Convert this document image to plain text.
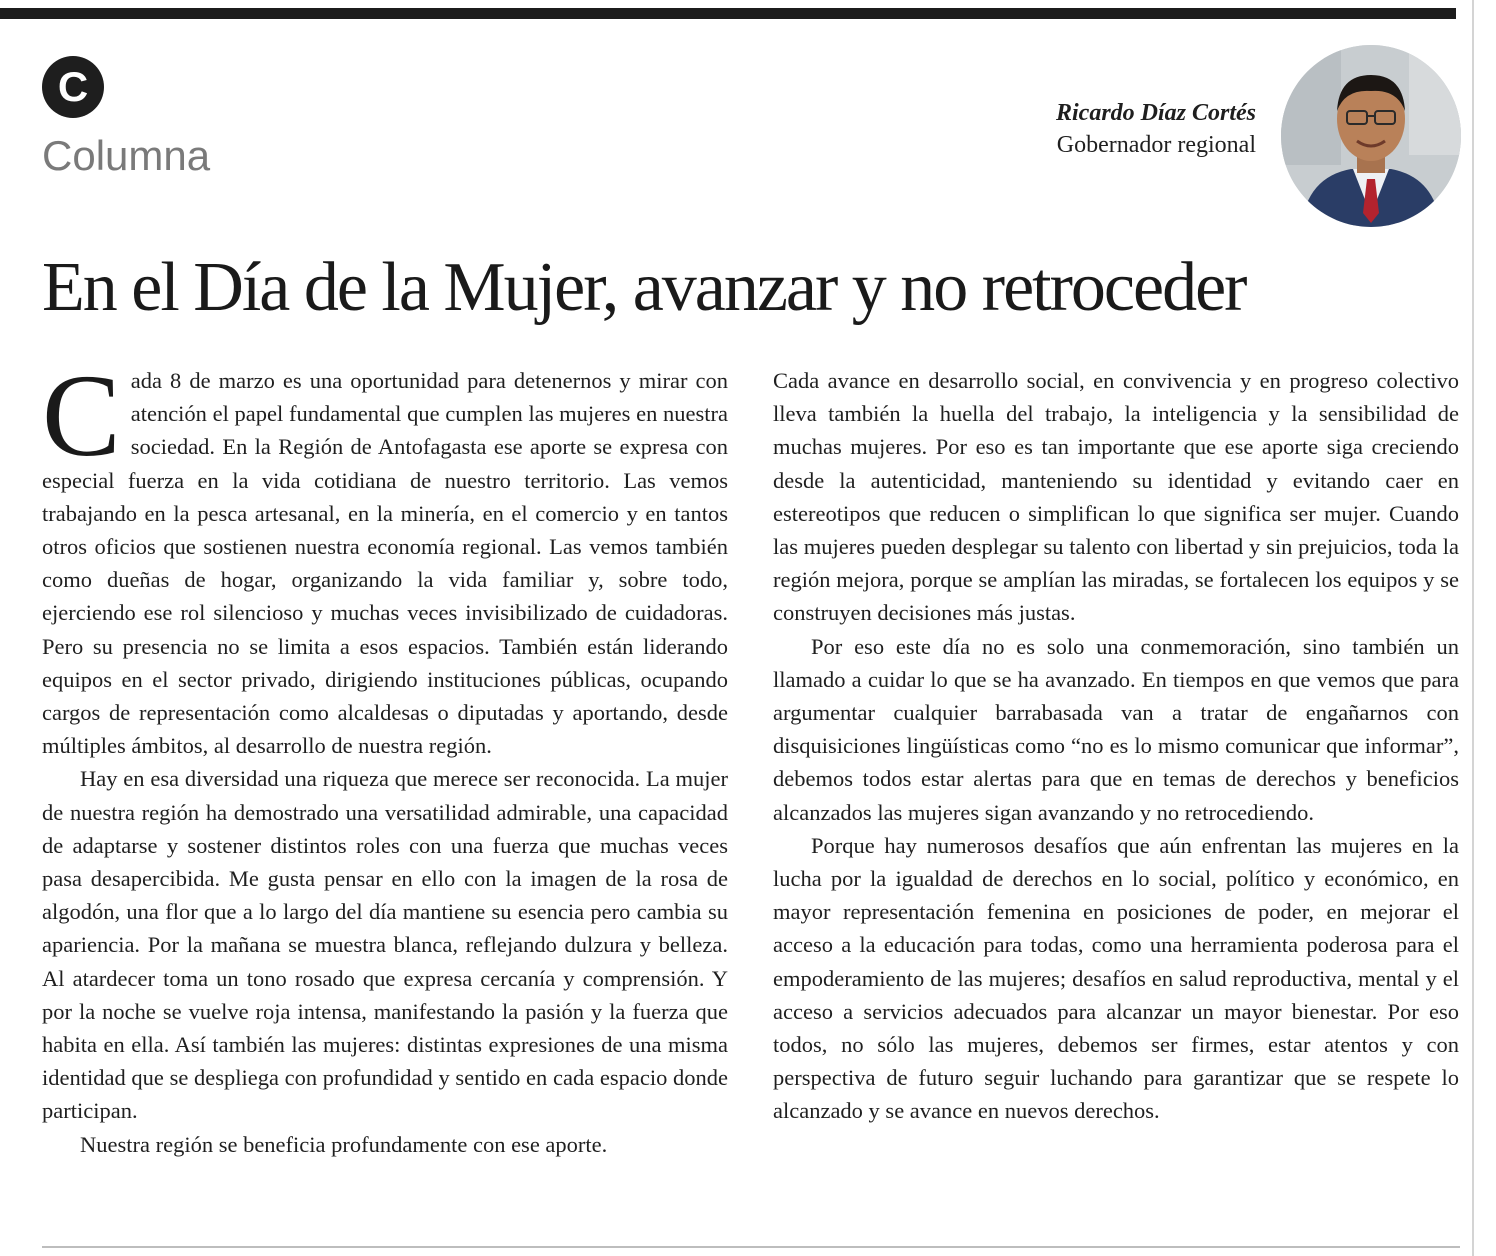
C
Columna
Ricardo Díaz Cortés
Gobernador regional
En el Día de la Mujer, avanzar y no retroceder

Cada 8 de marzo es una oportunidad para detenernos y mirar con atención el papel fundamental que cumplen las mujeres en nuestra sociedad. En la Región de Antofagasta ese aporte se expresa con especial fuerza en la vida cotidiana de nuestro territorio. Las vemos trabajando en la pesca artesanal, en la minería, en el comercio y en tantos otros oficios que sostienen nuestra economía regional. Las vemos también como dueñas de hogar, organizando la vida familiar y, sobre todo, ejerciendo ese rol silencioso y muchas veces invisibilizado de cuidadoras. Pero su presencia no se limita a esos espacios. También están liderando equipos en el sector privado, dirigiendo instituciones públicas, ocupando cargos de representación como alcaldesas o diputadas y aportando, desde múltiples ámbitos, al desarrollo de nuestra región.

Hay en esa diversidad una riqueza que merece ser reconocida. La mujer de nuestra región ha demostrado una versatilidad admirable, una capacidad de adaptarse y sostener distintos roles con una fuerza que muchas veces pasa desapercibida. Me gusta pensar en ello con la imagen de la rosa de algodón, una flor que a lo largo del día mantiene su esencia pero cambia su apariencia. Por la mañana se muestra blanca, reflejando dulzura y belleza. Al atardecer toma un tono rosado que expresa cercanía y comprensión. Y por la noche se vuelve roja intensa, manifestando la pasión y la fuerza que habita en ella. Así también las mujeres: distintas expresiones de una misma identidad que se despliega con profundidad y sentido en cada espacio donde participan.

Nuestra región se beneficia profundamente con ese aporte.

Cada avance en desarrollo social, en convivencia y en progreso colectivo lleva también la huella del trabajo, la inteligencia y la sensibilidad de muchas mujeres. Por eso es tan importante que ese aporte siga creciendo desde la autenticidad, manteniendo su identidad y evitando caer en estereotipos que reducen o simplifican lo que significa ser mujer. Cuando las mujeres pueden desplegar su talento con libertad y sin prejuicios, toda la región mejora, porque se amplían las miradas, se fortalecen los equipos y se construyen decisiones más justas.

Por eso este día no es solo una conmemoración, sino también un llamado a cuidar lo que se ha avanzado. En tiempos en que vemos que para argumentar cualquier barrabasada van a tratar de engañarnos con disquisiciones lingüísticas como “no es lo mismo comunicar que informar”, debemos todos estar alertas para que en temas de derechos y beneficios alcanzados las mujeres sigan avanzando y no retrocediendo.

Porque hay numerosos desafíos que aún enfrentan las mujeres en la lucha por la igualdad de derechos en lo social, político y económico, en mayor representación femenina en posiciones de poder, en mejorar el acceso a la educación para todas, como una herramienta poderosa para el empoderamiento de las mujeres; desafíos en salud reproductiva, mental y el acceso a servicios adecuados para alcanzar un mayor bienestar. Por eso todos, no sólo las mujeres, debemos ser firmes, estar atentos y con perspectiva de futuro seguir luchando para garantizar que se respete lo alcanzado y se avance en nuevos derechos.
